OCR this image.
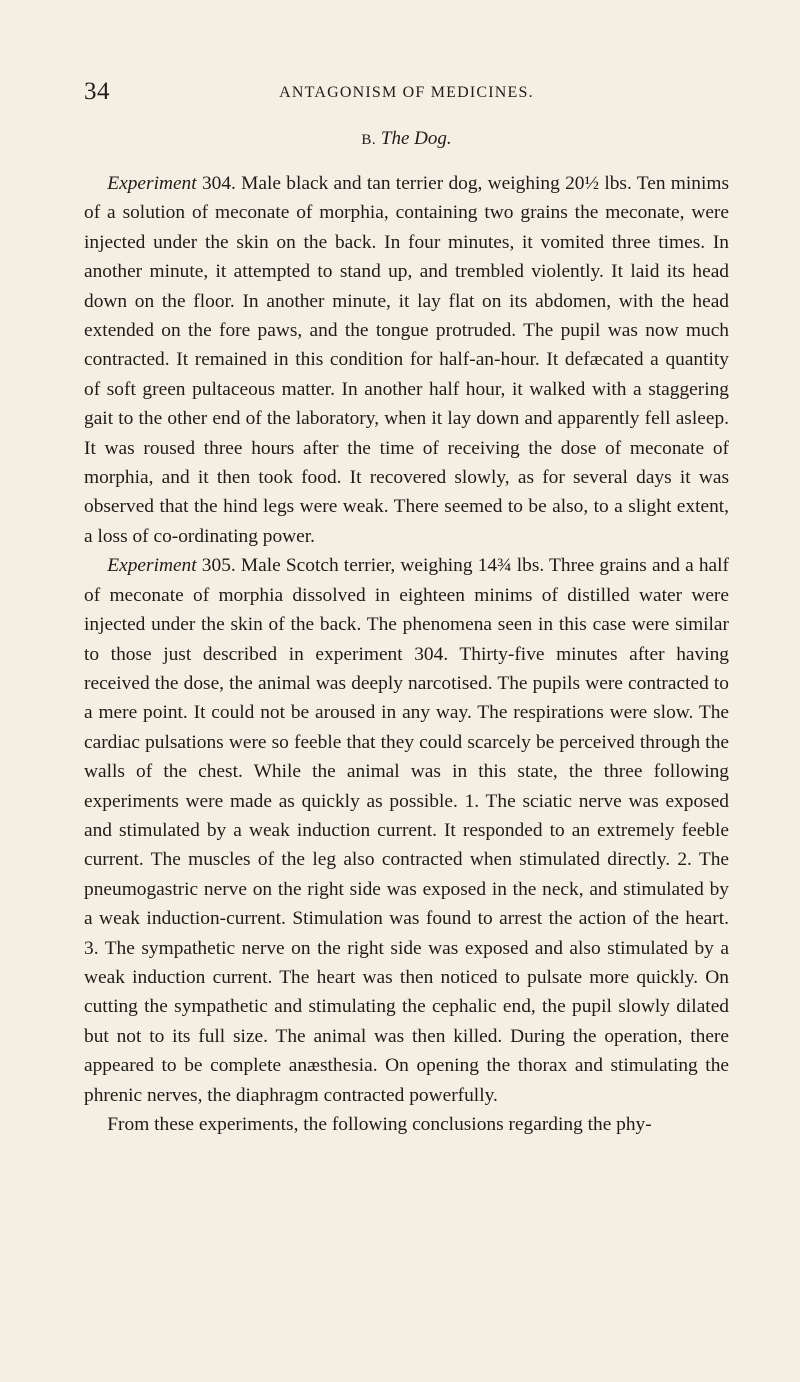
34	ANTAGONISM OF MEDICINES.
B. The Dog.

Experiment 304. Male black and tan terrier dog, weighing 20½ lbs. Ten minims of a solution of meconate of morphia, containing two grains the meconate, were injected under the skin on the back. In four minutes, it vomited three times. In another minute, it attempted to stand up, and trembled violently. It laid its head down on the floor. In another minute, it lay flat on its abdomen, with the head extended on the fore paws, and the tongue protruded. The pupil was now much contracted. It remained in this condition for half-an-hour. It defæcated a quantity of soft green pultaceous matter. In another half hour, it walked with a staggering gait to the other end of the laboratory, when it lay down and apparently fell asleep. It was roused three hours after the time of receiving the dose of meconate of morphia, and it then took food. It recovered slowly, as for several days it was observed that the hind legs were weak. There seemed to be also, to a slight extent, a loss of co-ordinating power.

Experiment 305. Male Scotch terrier, weighing 14¾ lbs. Three grains and a half of meconate of morphia dissolved in eighteen minims of distilled water were injected under the skin of the back. The phenomena seen in this case were similar to those just described in experiment 304. Thirty-five minutes after having received the dose, the animal was deeply narcotised. The pupils were contracted to a mere point. It could not be aroused in any way. The respirations were slow. The cardiac pulsations were so feeble that they could scarcely be perceived through the walls of the chest. While the animal was in this state, the three following experiments were made as quickly as possible. 1. The sciatic nerve was exposed and stimulated by a weak induction current. It responded to an extremely feeble current. The muscles of the leg also contracted when stimulated directly. 2. The pneumogastric nerve on the right side was exposed in the neck, and stimulated by a weak induction-current. Stimulation was found to arrest the action of the heart. 3. The sympathetic nerve on the right side was exposed and also stimulated by a weak induction current. The heart was then noticed to pulsate more quickly. On cutting the sympathetic and stimulating the cephalic end, the pupil slowly dilated but not to its full size. The animal was then killed. During the operation, there appeared to be complete anæsthesia. On opening the thorax and stimulating the phrenic nerves, the diaphragm contracted powerfully.

From these experiments, the following conclusions regarding the phy-
